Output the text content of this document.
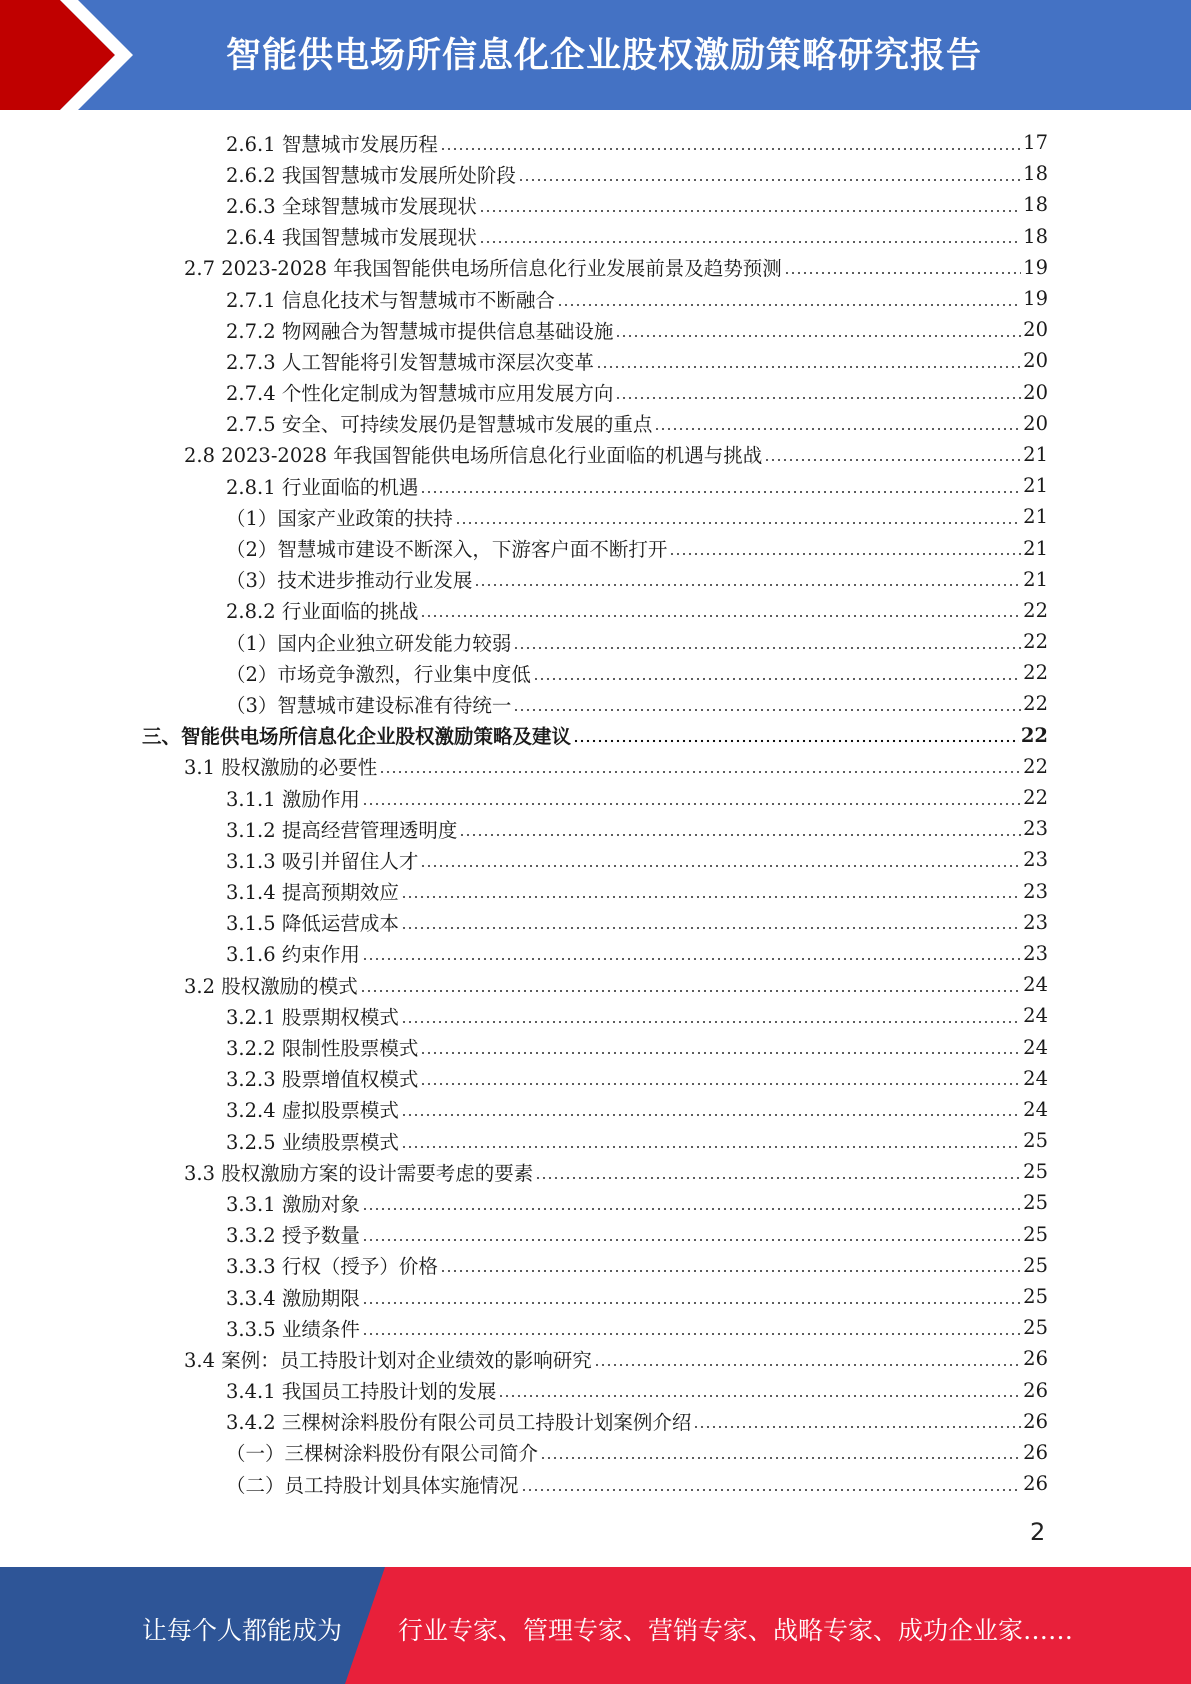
智能供电场所信息化企业股权激励策略研究报告
2.6.1 智慧城市发展历程	17
2.6.2 我国智慧城市发展所处阶段	18
2.6.3 全球智慧城市发展现状	18
2.6.4 我国智慧城市发展现状	18
2.7 2023-2028 年我国智能供电场所信息化行业发展前景及趋势预测	19
2.7.1 信息化技术与智慧城市不断融合	19
2.7.2 物网融合为智慧城市提供信息基础设施	20
2.7.3 人工智能将引发智慧城市深层次变革	20
2.7.4 个性化定制成为智慧城市应用发展方向	20
2.7.5 安全、可持续发展仍是智慧城市发展的重点	20
2.8 2023-2028 年我国智能供电场所信息化行业面临的机遇与挑战	21
2.8.1 行业面临的机遇	21
（1）国家产业政策的扶持	21
（2）智慧城市建设不断深入，下游客户面不断打开	21
（3）技术进步推动行业发展	21
2.8.2 行业面临的挑战	22
（1）国内企业独立研发能力较弱	22
（2）市场竞争激烈，行业集中度低	22
（3）智慧城市建设标准有待统一	22
三、智能供电场所信息化企业股权激励策略及建议	22
3.1 股权激励的必要性	22
3.1.1 激励作用	22
3.1.2 提高经营管理透明度	23
3.1.3 吸引并留住人才	23
3.1.4 提高预期效应	23
3.1.5 降低运营成本	23
3.1.6 约束作用	23
3.2 股权激励的模式	24
3.2.1 股票期权模式	24
3.2.2 限制性股票模式	24
3.2.3 股票增值权模式	24
3.2.4 虚拟股票模式	24
3.2.5 业绩股票模式	25
3.3 股权激励方案的设计需要考虑的要素	25
3.3.1 激励对象	25
3.3.2 授予数量	25
3.3.3 行权（授予）价格	25
3.3.4 激励期限	25
3.3.5 业绩条件	25
3.4 案例：员工持股计划对企业绩效的影响研究	26
3.4.1 我国员工持股计划的发展	26
3.4.2 三棵树涂料股份有限公司员工持股计划案例介绍	26
（一）三棵树涂料股份有限公司简介	26
（二）员工持股计划具体实施情况	26
2
让每个人都能成为 行业专家、管理专家、营销专家、战略专家、成功企业家……
